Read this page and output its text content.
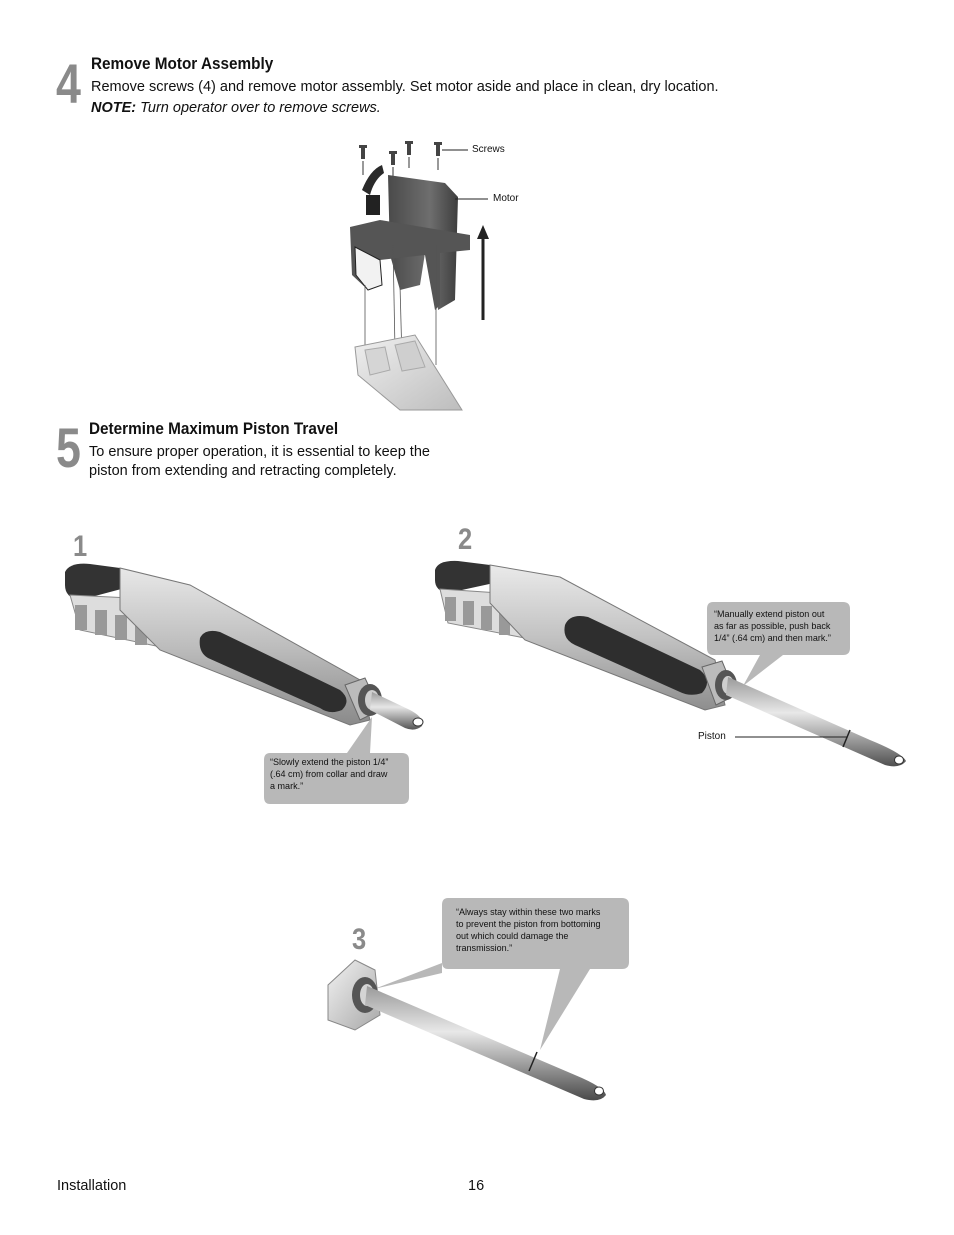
4 Remove Motor Assembly
Remove screws (4) and remove motor assembly. Set motor aside and place in clean, dry location.
NOTE: Turn operator over to remove screws.
Screws
Motor
5 Determine Maximum Piston Travel
To ensure proper operation, it is essential to keep the
piston from extending and retracting completely.
1
“Slowly extend the piston 1/4”
(.64 cm) from collar and draw
a mark.”
2
“Manually extend piston out
as far as possible, push back
1/4” (.64 cm) and then mark.”
Piston
3
“Always stay within these two marks
to prevent the piston from bottoming
out which could damage the
transmission.”
Installation	16
